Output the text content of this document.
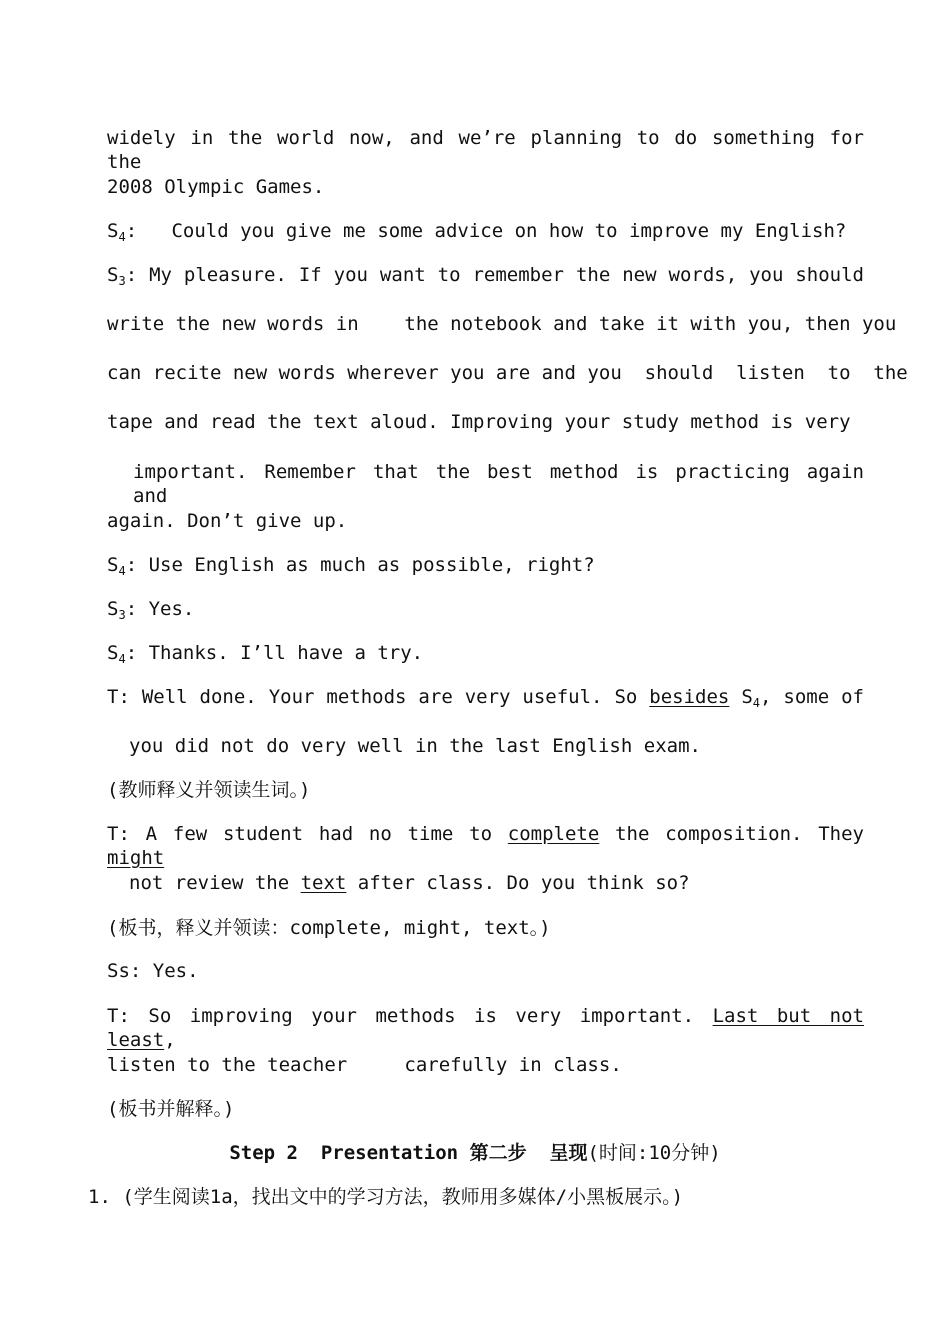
widely in the world now, and we’re planning to do something for the
2008 Olympic Games.
$S_4$:   Could you give me some advice on how to improve my English?
$S_3$: My pleasure. If you want to remember the new words, you should
write the new words in    the notebook and take it with you, then you
can recite new words wherever you are and you  should  listen  to  the
tape and read the text aloud. Improving your study method is very
important. Remember that the best method is practicing again and
again. Don’t give up.
$S_4$: Use English as much as possible, right?
$S_3$: Yes.
$S_4$: Thanks. I’ll have a try.
T: Well done. Your methods are very useful. So besides $S_4$, some of
you did not do very well in the last English exam.
(教师释义并领读生词。)
T: A few student had no time to complete the composition. They might
not review the text after class. Do you think so?
(板书，释义并领读：complete, might, text。)
Ss: Yes.
T: So improving your methods is very important. Last but not least,
listen to the teacher     carefully in class.
(板书并解释。)
Step 2  Presentation 第二步  呈现(时间:10分钟)
1. (学生阅读1a，找出文中的学习方法，教师用多媒体/小黑板展示。)
